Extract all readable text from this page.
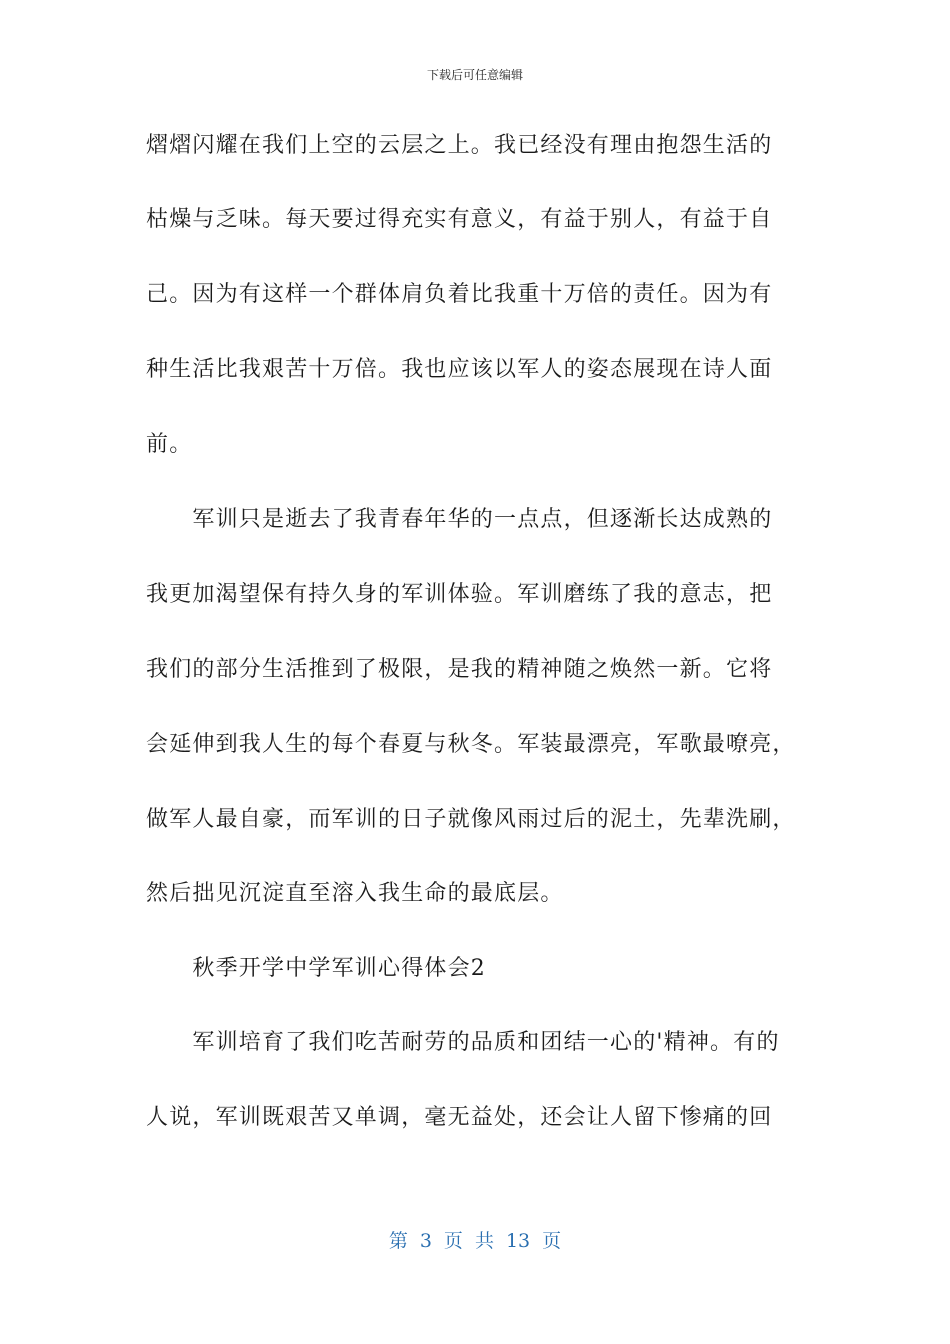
下载后可任意编辑
熠熠闪耀在我们上空的云层之上。我已经没有理由抱怨生活的
枯燥与乏味。每天要过得充实有意义，有益于别人，有益于自
己。因为有这样一个群体肩负着比我重十万倍的责任。因为有
种生活比我艰苦十万倍。我也应该以军人的姿态展现在诗人面
前。
　　军训只是逝去了我青春年华的一点点，但逐渐长达成熟的
我更加渴望保有持久身的军训体验。军训磨练了我的意志，把
我们的部分生活推到了极限，是我的精神随之焕然一新。它将
会延伸到我人生的每个春夏与秋冬。军装最漂亮，军歌最嘹亮，
做军人最自豪，而军训的日子就像风雨过后的泥土，先辈洗刷，
然后拙见沉淀直至溶入我生命的最底层。
　　秋季开学中学军训心得体会2
　　军训培育了我们吃苦耐劳的品质和团结一心的'精神。有的
人说，军训既艰苦又单调，毫无益处，还会让人留下惨痛的回
第 3 页 共 13 页
